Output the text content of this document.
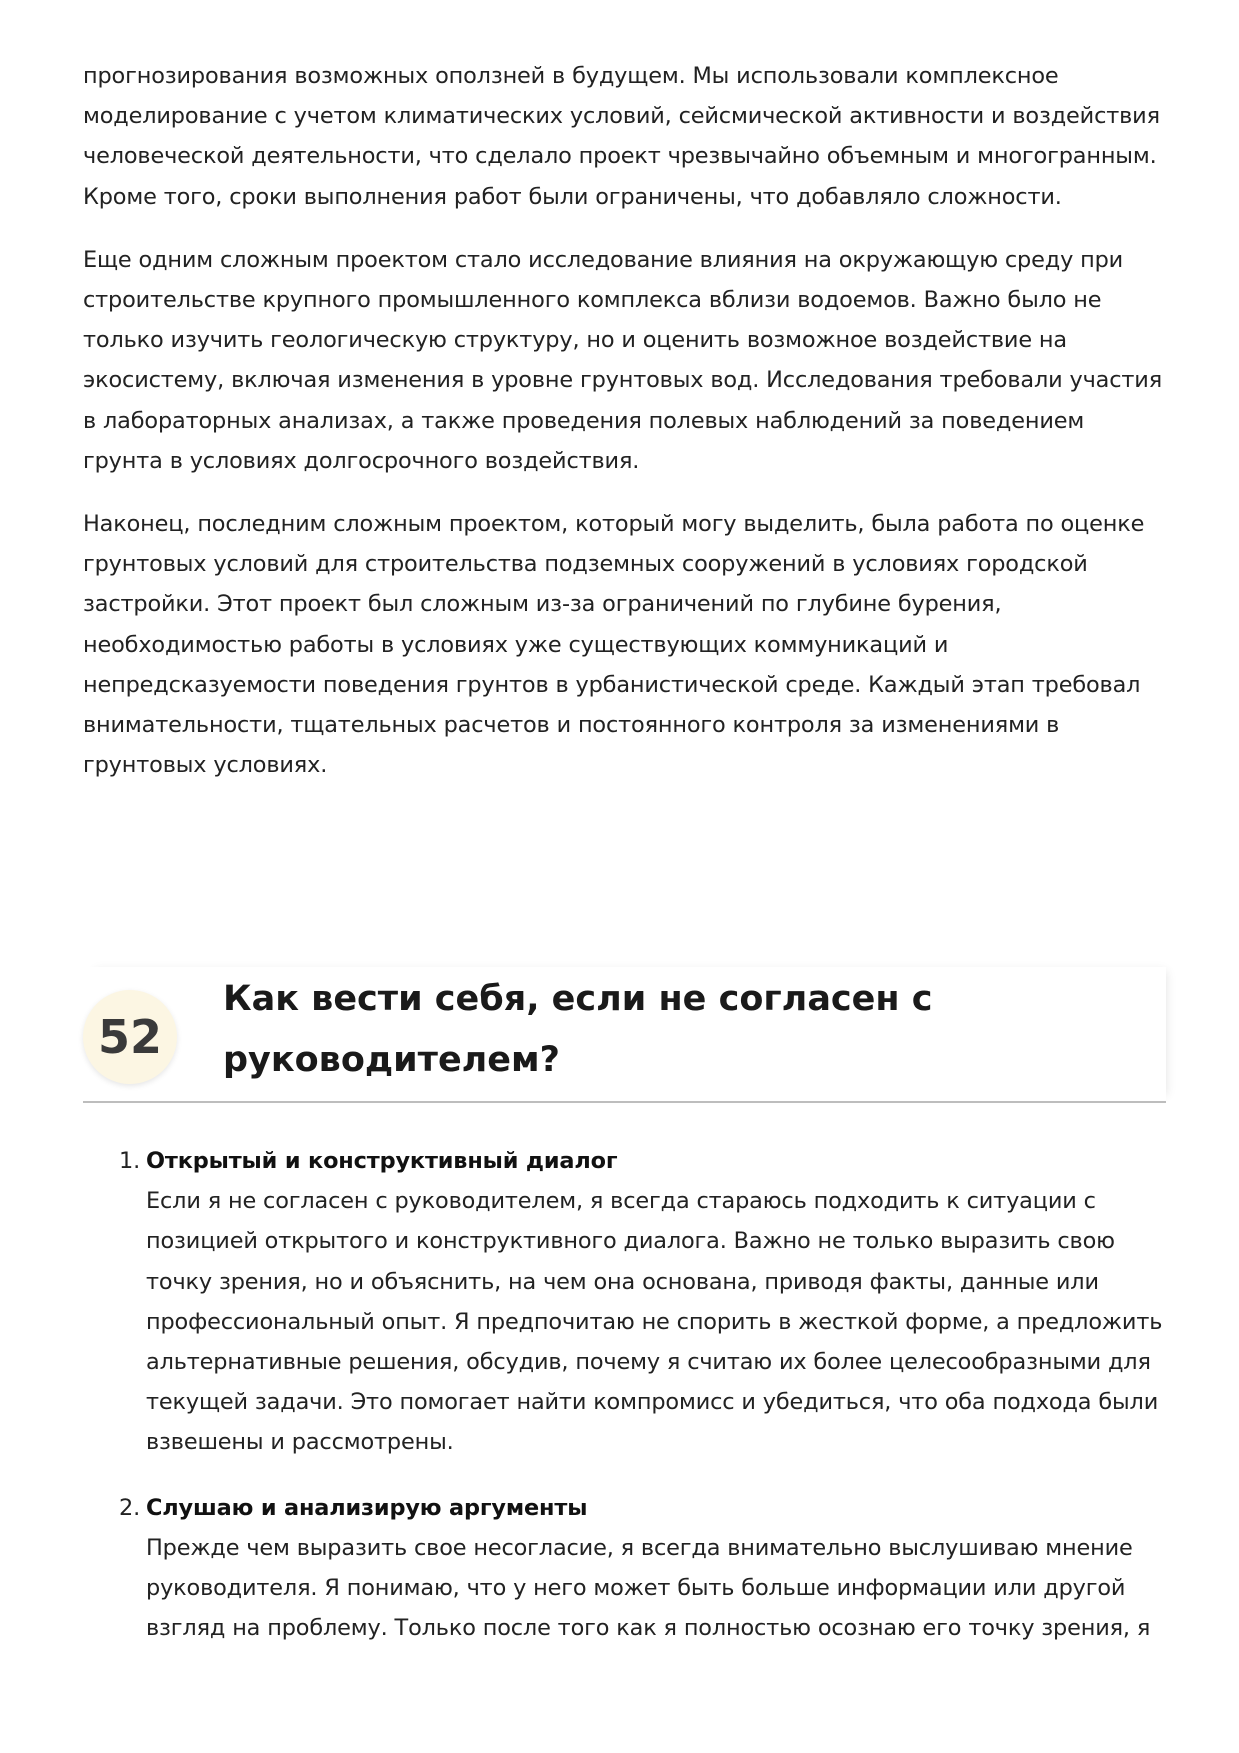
прогнозирования возможных оползней в будущем. Мы использовали комплексное моделирование с учетом климатических условий, сейсмической активности и воздействия человеческой деятельности, что сделало проект чрезвычайно объемным и многогранным. Кроме того, сроки выполнения работ были ограничены, что добавляло сложности.

Еще одним сложным проектом стало исследование влияния на окружающую среду при строительстве крупного промышленного комплекса вблизи водоемов. Важно было не только изучить геологическую структуру, но и оценить возможное воздействие на экосистему, включая изменения в уровне грунтовых вод. Исследования требовали участия в лабораторных анализах, а также проведения полевых наблюдений за поведением грунта в условиях долгосрочного воздействия.

Наконец, последним сложным проектом, который могу выделить, была работа по оценке грунтовых условий для строительства подземных сооружений в условиях городской застройки. Этот проект был сложным из-за ограничений по глубине бурения, необходимостью работы в условиях уже существующих коммуникаций и непредсказуемости поведения грунтов в урбанистической среде. Каждый этап требовал внимательности, тщательных расчетов и постоянного контроля за изменениями в грунтовых условиях.

52
Как вести себя, если не согласен с руководителем?
1. Открытый и конструктивный диалог
Если я не согласен с руководителем, я всегда стараюсь подходить к ситуации с позицией открытого и конструктивного диалога. Важно не только выразить свою точку зрения, но и объяснить, на чем она основана, приводя факты, данные или профессиональный опыт. Я предпочитаю не спорить в жесткой форме, а предложить альтернативные решения, обсудив, почему я считаю их более целесообразными для текущей задачи. Это помогает найти компромисс и убедиться, что оба подхода были взвешены и рассмотрены.
2. Слушаю и анализирую аргументы
Прежде чем выразить свое несогласие, я всегда внимательно выслушиваю мнение руководителя. Я понимаю, что у него может быть больше информации или другой взгляд на проблему. Только после того как я полностью осознаю его точку зрения, я
